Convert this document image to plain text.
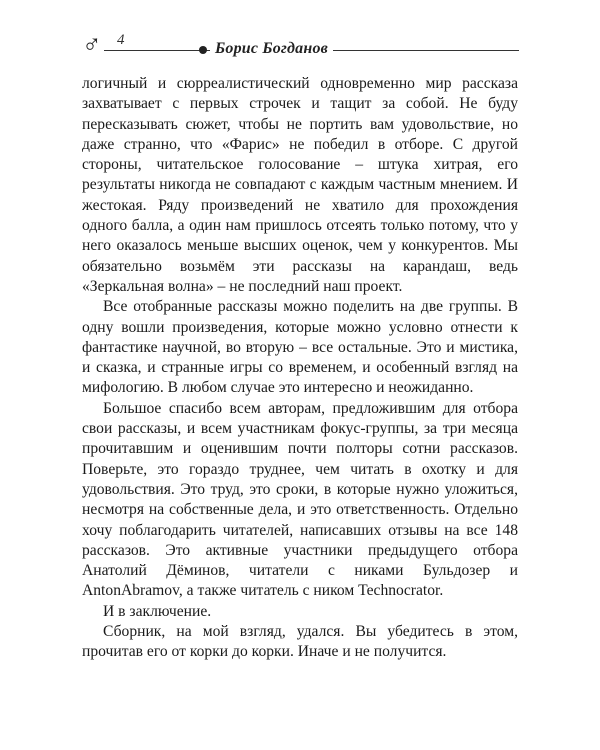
♂ 4	Борис Богданов

логичный и сюрреалистический одновременно мир рассказа захватывает с первых строчек и тащит за собой. Не буду пересказывать сюжет, чтобы не портить вам удовольствие, но даже странно, что «Фарис» не победил в отборе. С другой стороны, читательское голосование – штука хитрая, его результаты никогда не совпадают с каждым частным мнением. И жестокая. Ряду произведений не хватило для прохождения одного балла, а один нам пришлось отсеять только потому, что у него оказалось меньше высших оценок, чем у конкурентов. Мы обязательно возьмём эти рассказы на карандаш, ведь «Зеркальная волна» – не последний наш проект.

Все отобранные рассказы можно поделить на две группы. В одну вошли произведения, которые можно условно отнести к фантастике научной, во вторую – все остальные. Это и мистика, и сказка, и странные игры со временем, и особенный взгляд на мифологию. В любом случае это интересно и неожиданно.

Большое спасибо всем авторам, предложившим для отбора свои рассказы, и всем участникам фокус-группы, за три месяца прочитавшим и оценившим почти полторы сотни рассказов. Поверьте, это гораздо труднее, чем читать в охотку и для удовольствия. Это труд, это сроки, в которые нужно уложиться, несмотря на собственные дела, и это ответственность. Отдельно хочу поблагодарить читателей, написавших отзывы на все 148 рассказов. Это активные участники предыдущего отбора Анатолий Дёминов, читатели с никами Бульдозер и AntonAbramov, а также читатель с ником Technocrator.

И в заключение.

Сборник, на мой взгляд, удался. Вы убедитесь в этом, прочитав его от корки до корки. Иначе и не получится.
